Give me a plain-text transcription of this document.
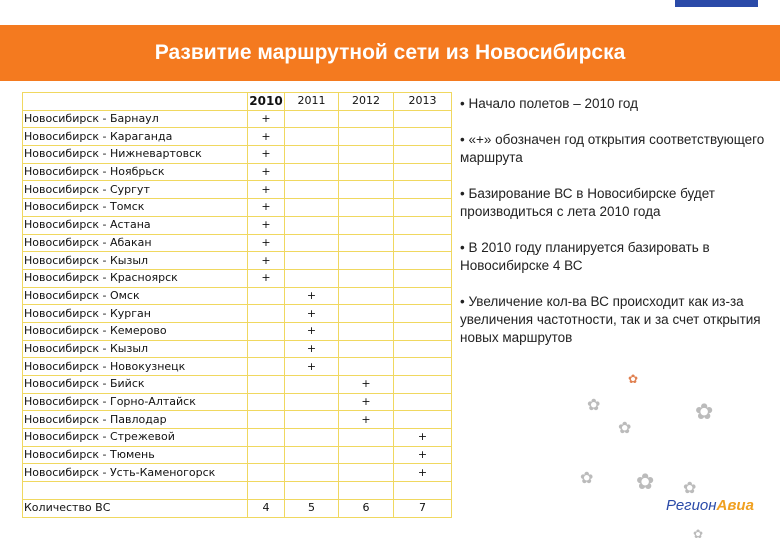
Развитие маршрутной сети из Новосибирска
	2010	2011	2012	2013
Новосибирск - Барнаул	+			
Новосибирск - Караганда	+			
Новосибирск - Нижневартовск	+			
Новосибирск - Ноябрьск	+			
Новосибирск - Сургут	+			
Новосибирск - Томск	+			
Новосибирск - Астана	+			
Новосибирск - Абакан	+			
Новосибирск - Кызыл	+			
Новосибирск - Красноярск	+			
Новосибирск - Омск		+		
Новосибирск - Курган		+		
Новосибирск - Кемерово		+		
Новосибирск - Кызыл		+		
Новосибирск - Новокузнецк		+		
Новосибирск - Бийск			+	
Новосибирск - Горно-Алтайск			+	
Новосибирск - Павлодар			+	
Новосибирск - Стрежевой				+
Новосибирск - Тюмень				+
Новосибирск - Усть-Каменогорск				+

Количество ВС	4	5	6	7

• Начало полетов – 2010 год

• «+» обозначен год открытия соответствующего маршрута

• Базирование ВС в Новосибирске будет производиться с лета 2010 года

• В 2010 году планируется базировать в Новосибирске 4 ВС

• Увеличение кол-ва ВС происходит как из-за увеличения частотности, так и за счет открытия новых маршрутов

✿
✿	✿
✿
✿ ✿ ✿
✿
РегионАвиа
